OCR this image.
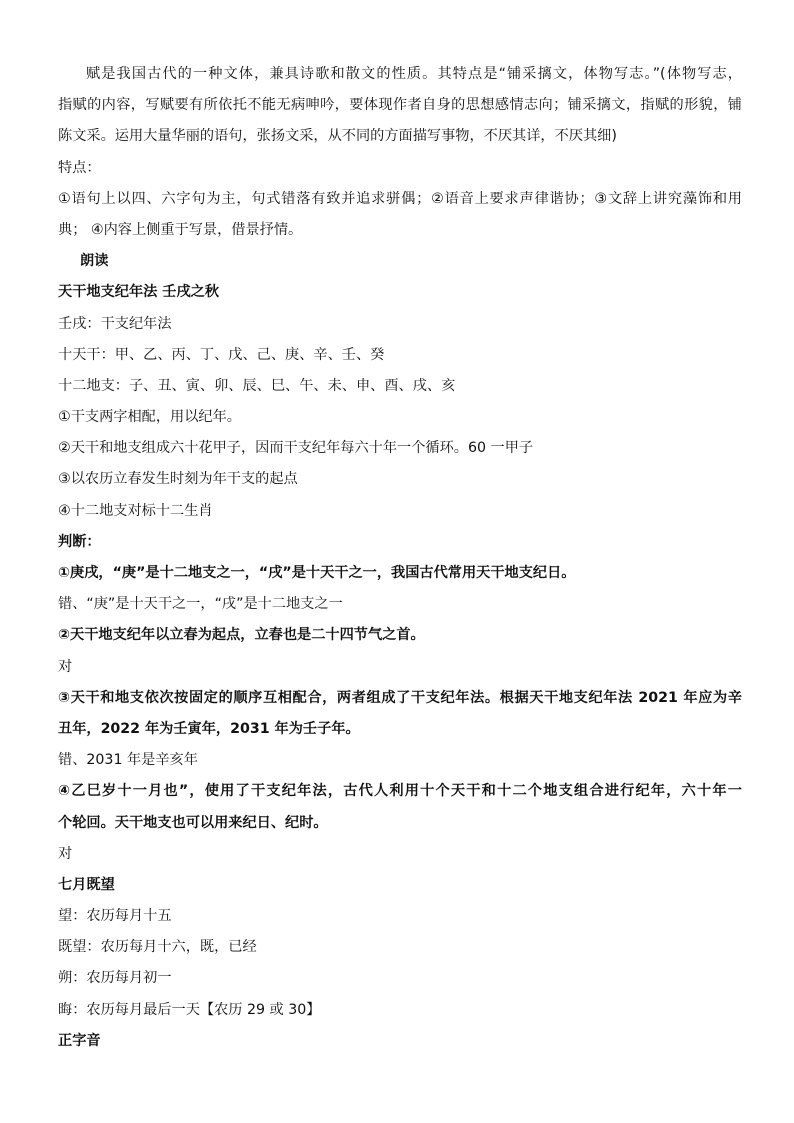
赋是我国古代的一种文体，兼具诗歌和散文的性质。其特点是“铺采摛文，体物写志。”(体物写志，
指赋的内容，写赋要有所依托不能无病呻吟，要体现作者自身的思想感情志向；铺采摛文，指赋的形貌，铺
陈文采。运用大量华丽的语句，张扬文采，从不同的方面描写事物，不厌其详，不厌其细)
特点：
①语句上以四、六字句为主，句式错落有致并追求骈偶；②语音上要求声律谐协；③文辞上讲究藻饰和用
典； ④内容上侧重于写景，借景抒情。
朗读
天干地支纪年法 壬戌之秋
壬戌：干支纪年法
十天干：甲、乙、丙、丁、戊、己、庚、辛、壬、癸
十二地支：子、丑、寅、卯、辰、巳、午、未、申、酉、戌、亥
①干支两字相配，用以纪年。
②天干和地支组成六十花甲子，因而干支纪年每六十年一个循环。60 一甲子
③以农历立春发生时刻为年干支的起点
④十二地支对标十二生肖
判断：
①庚戌，“庚”是十二地支之一，“戌”是十天干之一，我国古代常用天干地支纪日。
错、“庚”是十天干之一，“戌”是十二地支之一
②天干地支纪年以立春为起点，立春也是二十四节气之首。
对
③天干和地支依次按固定的顺序互相配合，两者组成了干支纪年法。根据天干地支纪年法 2021 年应为辛
丑年，2022 年为壬寅年，2031 年为壬子年。
错、2031 年是辛亥年
④乙巳岁十一月也”，使用了干支纪年法，古代人利用十个天干和十二个地支组合进行纪年，六十年一
个轮回。天干地支也可以用来纪日、纪时。
对
七月既望
望：农历每月十五
既望：农历每月十六，既，已经
朔：农历每月初一
晦：农历每月最后一天【农历 29 或 30】
正字音
